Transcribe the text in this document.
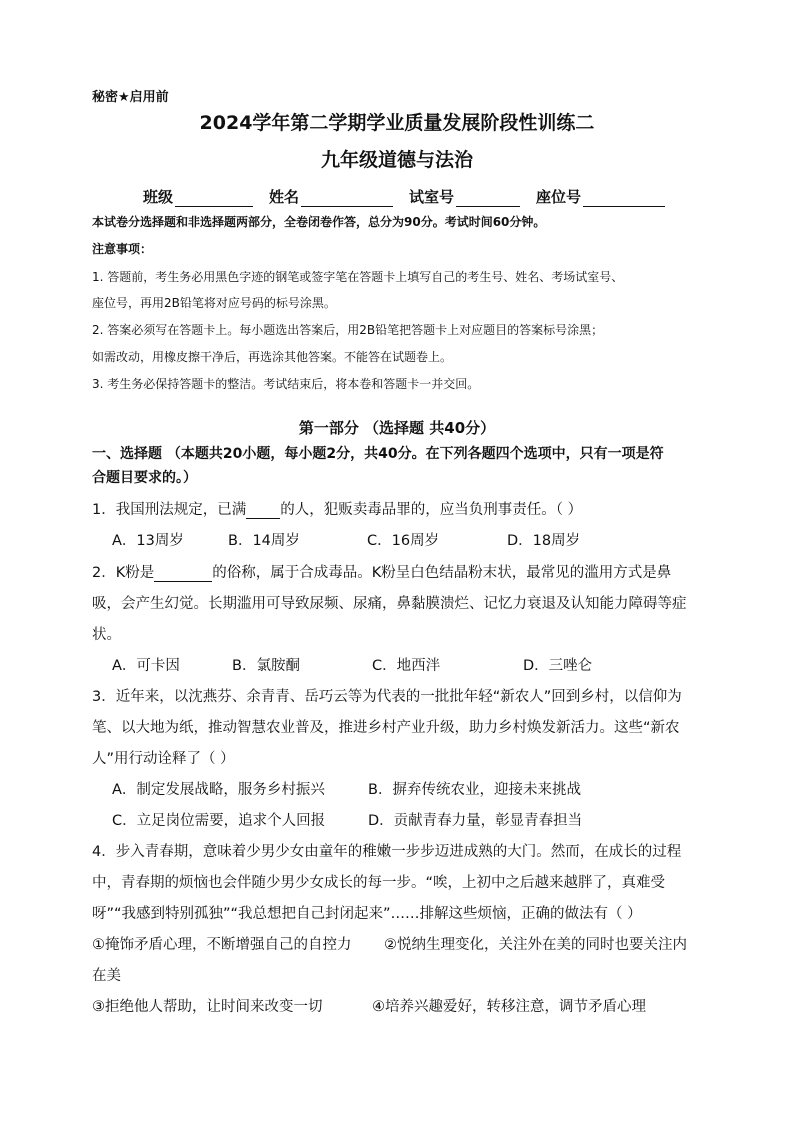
秘密★启用前
2024学年第二学期学业质量发展阶段性训练二
九年级道德与法治
班级	姓名	试室号	座位号
本试卷分选择题和非选择题两部分，全卷闭卷作答，总分为90分。考试时间60分钟。
注意事项：
1. 答题前，考生务必用黑色字迹的钢笔或签字笔在答题卡上填写自己的考生号、姓名、考场试室号、
座位号，再用2B铅笔将对应号码的标号涂黑。
2. 答案必须写在答题卡上。每小题选出答案后，用2B铅笔把答题卡上对应题目的答案标号涂黑；
如需改动，用橡皮擦干净后，再选涂其他答案。不能答在试题卷上。
3. 考生务必保持答题卡的整洁。考试结束后，将本卷和答题卡一并交回。
第一部分 （选择题 共40分）
一、选择题 （本题共20小题，每小题2分，共40分。在下列各题四个选项中，只有一项是符
合题目要求的。）
1．我国刑法规定，已满 的人，犯贩卖毒品罪的，应当负刑事责任。（ ）
A．13周岁	B．14周岁	C．16周岁	D．18周岁
2．K粉是	的俗称，属于合成毒品。K粉呈白色结晶粉末状，最常见的滥用方式是鼻
吸，会产生幻觉。长期滥用可导致尿频、尿痛，鼻黏膜溃烂、记忆力衰退及认知能力障碍等症
状。
A．可卡因	B．氯胺酮	C．地西泮	D．三唑仑
3．近年来，以沈燕芬、余青青、岳巧云等为代表的一批批年轻“新农人”回到乡村，以信仰为
笔、以大地为纸，推动智慧农业普及，推进乡村产业升级，助力乡村焕发新活力。这些“新农
人”用行动诠释了（ ）
A．制定发展战略，服务乡村振兴	B．摒弃传统农业，迎接未来挑战
C．立足岗位需要，追求个人回报	D．贡献青春力量，彰显青春担当
4．步入青春期，意味着少男少女由童年的稚嫩一步步迈进成熟的大门。然而，在成长的过程
中，青春期的烦恼也会伴随少男少女成长的每一步。“唉，上初中之后越来越胖了，真难受
呀”“我感到特别孤独”“我总想把自己封闭起来”……排解这些烦恼，正确的做法有（ ）
①掩饰矛盾心理，不断增强自己的自控力 ②悦纳生理变化，关注外在美的同时也要关注内
在美
③拒绝他人帮助，让时间来改变一切	④培养兴趣爱好，转移注意，调节矛盾心理
